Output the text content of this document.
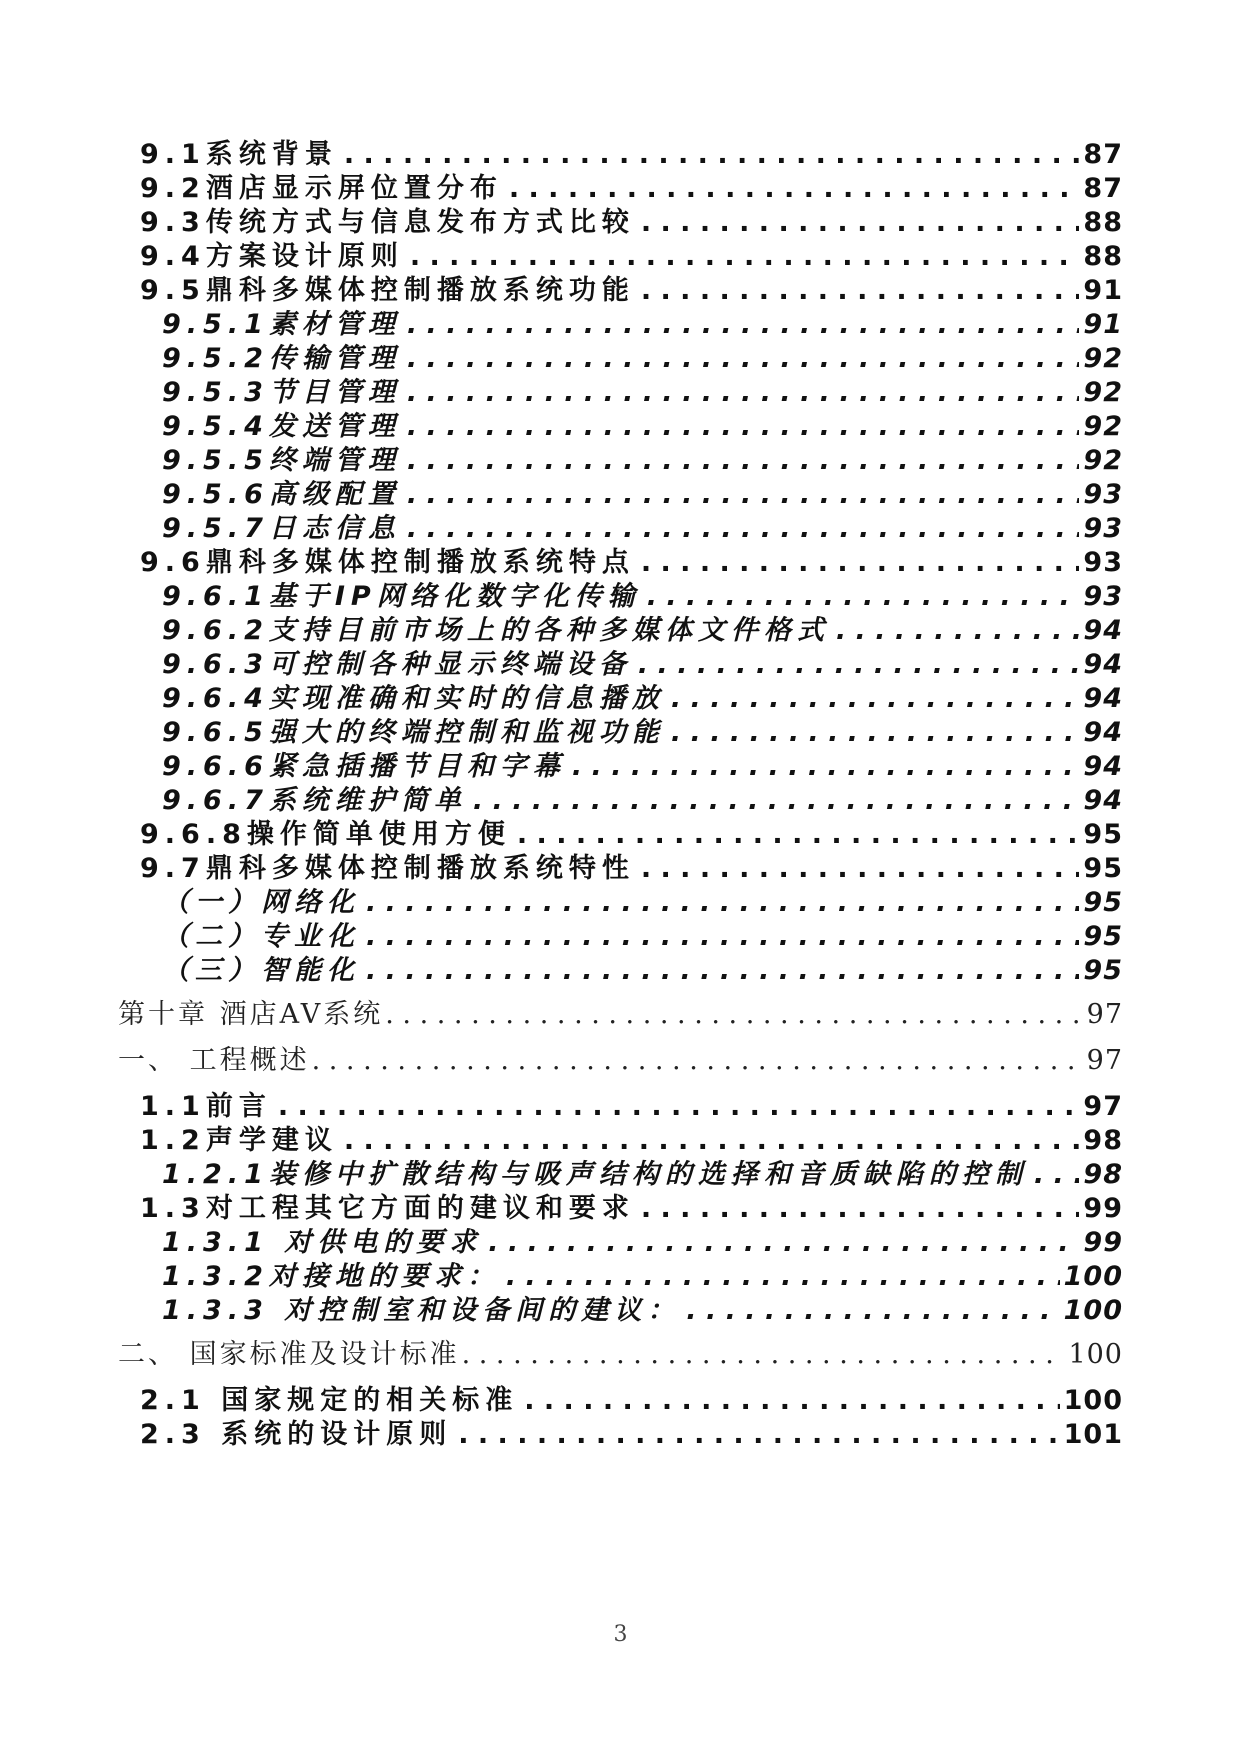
9.1系统背景 . . .	87
9.2酒店显示屏位置分布 . . .	87
9.3传统方式与信息发布方式比较 . . .	88
9.4方案设计原则 . . .	88
9.5鼎科多媒体控制播放系统功能 . . .	91
9.5.1素材管理 . . .	91
9.5.2传输管理 . . .	92
9.5.3节目管理 . . .	92
9.5.4发送管理 . . .	92
9.5.5终端管理 . . .	92
9.5.6高级配置 . . .	93
9.5.7日志信息 . . .	93
9.6鼎科多媒体控制播放系统特点 . . .	93
9.6.1基于IP网络化数字化传输 . . .	93
9.6.2支持目前市场上的各种多媒体文件格式 . . .	94
9.6.3可控制各种显示终端设备 . . .	94
9.6.4实现准确和实时的信息播放 . . .	94
9.6.5强大的终端控制和监视功能 . . .	94
9.6.6紧急插播节目和字幕 . . .	94
9.6.7系统维护简单 . . .	94
9.6.8操作简单使用方便 . . .	95
9.7鼎科多媒体控制播放系统特性 . . .	95
（一）网络化 . . .	95
（二）专业化 . . .	95
（三）智能化 . . .	95
第十章 酒店AV系统 . . .	97
一、 工程概述 . . .	97
1.1前言 . . .	97
1.2声学建议 . . .	98
1.2.1装修中扩散结构与吸声结构的选择和音质缺陷的控制 . . . 98
1.3对工程其它方面的建议和要求 . . .	99
1.3.1 对供电的要求 . . .	99
1.3.2对接地的要求： . . .	100
1.3.3 对控制室和设备间的建议： . . .	100
二、 国家标准及设计标准 . . .	100
2.1 国家规定的相关标准 . . .	100
2.3 系统的设计原则 . . .	101
3
